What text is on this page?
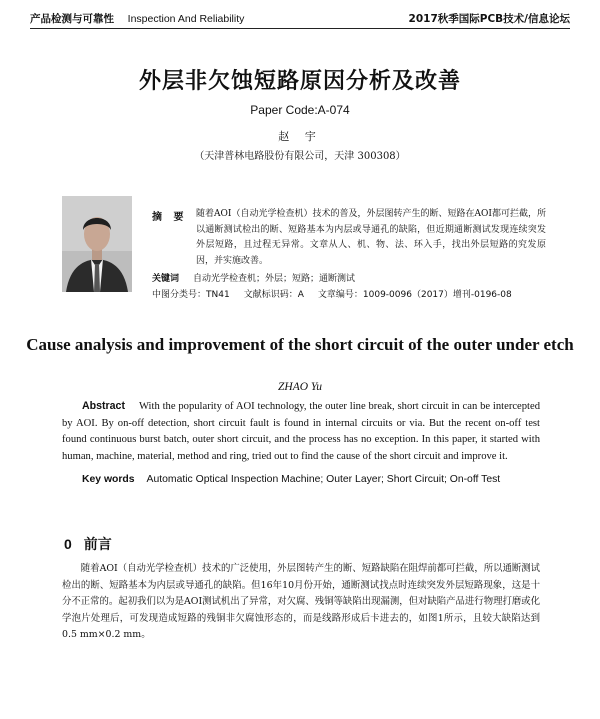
产品检测与可靠性 Inspection And Reliability	2017秋季国际PCB技术/信息论坛
外层非欠蚀短路原因分析及改善
Paper Code:A-074
赵 宇
（天津普林电路股份有限公司，天津 300308）
摘 要 随着AOI（自动光学检查机）技术的普及，外层图转产生的断、短路在AOI都可拦截，所以通断测试检出的断、短路基本为内层或导通孔的缺陷，但近期通断测试发现连续突发外层短路，且过程无异常。文章从人、机、物、法、环入手，找出外层短路的究发原因，并实施改善。
关键词 自动光学检查机；外层；短路；通断测试
中图分类号：TN41 文献标识码：A 文章编号：1009-0096（2017）增刊-0196-08
Cause analysis and improvement of the short circuit of the outer under etch
ZHAO Yu
Abstract With the popularity of AOI technology, the outer line break, short circuit in can be intercepted by AOI. By on-off detection, short circuit fault is found in internal circuits or via. But the recent on-off test found continuous burst batch, outer short circuit, and the process has no exception. In this paper, it started with human, machine, material, method and ring, tried out to find the cause of the short circuit and improve it.
Key words Automatic Optical Inspection Machine; Outer Layer; Short Circuit; On-off Test
0 前言
随着AOI（自动光学检查机）技术的广泛使用，外层图转产生的断、短路缺陷在阻焊前都可拦截，所以通断测试检出的断、短路基本为内层或导通孔的缺陷。但16年10月份开始，通断测试找点时连续突发外层短路现象，这是十分不正常的。起初我们以为是AOI测试机出了异常，对欠腐、残铜等缺陷出现漏测，但对缺陷产品进行物理打磨或化学泡片处理后，可发现造成短路的残铜非欠腐蚀形态的，而是线路形成后卡进去的，如图1所示，且较大缺陷达到0.5 mm×0.2 mm。
